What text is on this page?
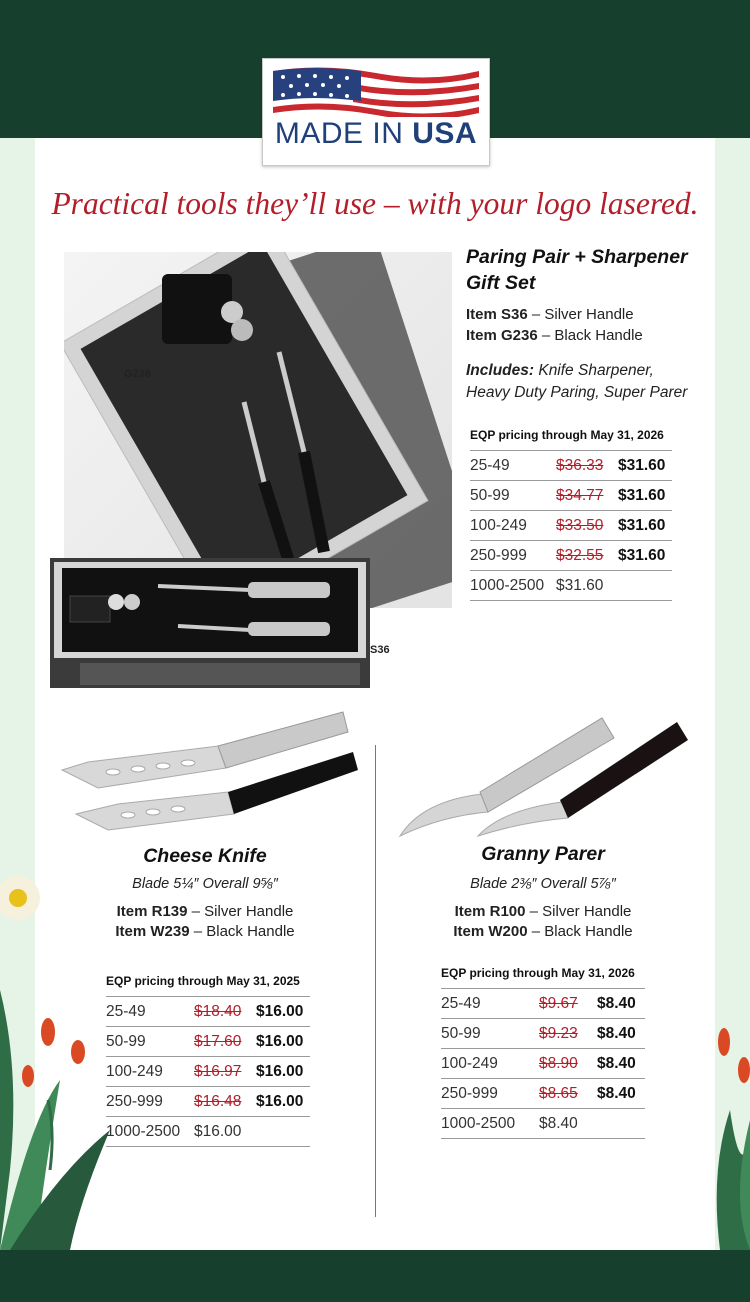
MADE IN USA
Practical tools they’ll use – with your logo lasered.
G236
S36
Paring Pair + Sharpener
Gift Set
Item S36 – Silver Handle
Item G236 – Black Handle
Includes: Knife Sharpener,
Heavy Duty Paring, Super Parer
EQP pricing through May 31, 2026
25-49	$36.33	$31.60
50-99	$34.77	$31.60
100-249	$33.50	$31.60
250-999	$32.55	$31.60
1000-2500	$31.60	
Cheese Knife
Blade 5¼″ Overall 9⅝″
Item R139 – Silver Handle
Item W239 – Black Handle
EQP pricing through May 31, 2025
25-49	$18.40	$16.00
50-99	$17.60	$16.00
100-249	$16.97	$16.00
250-999	$16.48	$16.00
1000-2500	$16.00	
Granny Parer
Blade 2⅜″ Overall 5⅞″
Item R100 – Silver Handle
Item W200 – Black Handle
EQP pricing through May 31, 2026
25-49	$9.67	$8.40
50-99	$9.23	$8.40
100-249	$8.90	$8.40
250-999	$8.65	$8.40
1000-2500	$8.40	
